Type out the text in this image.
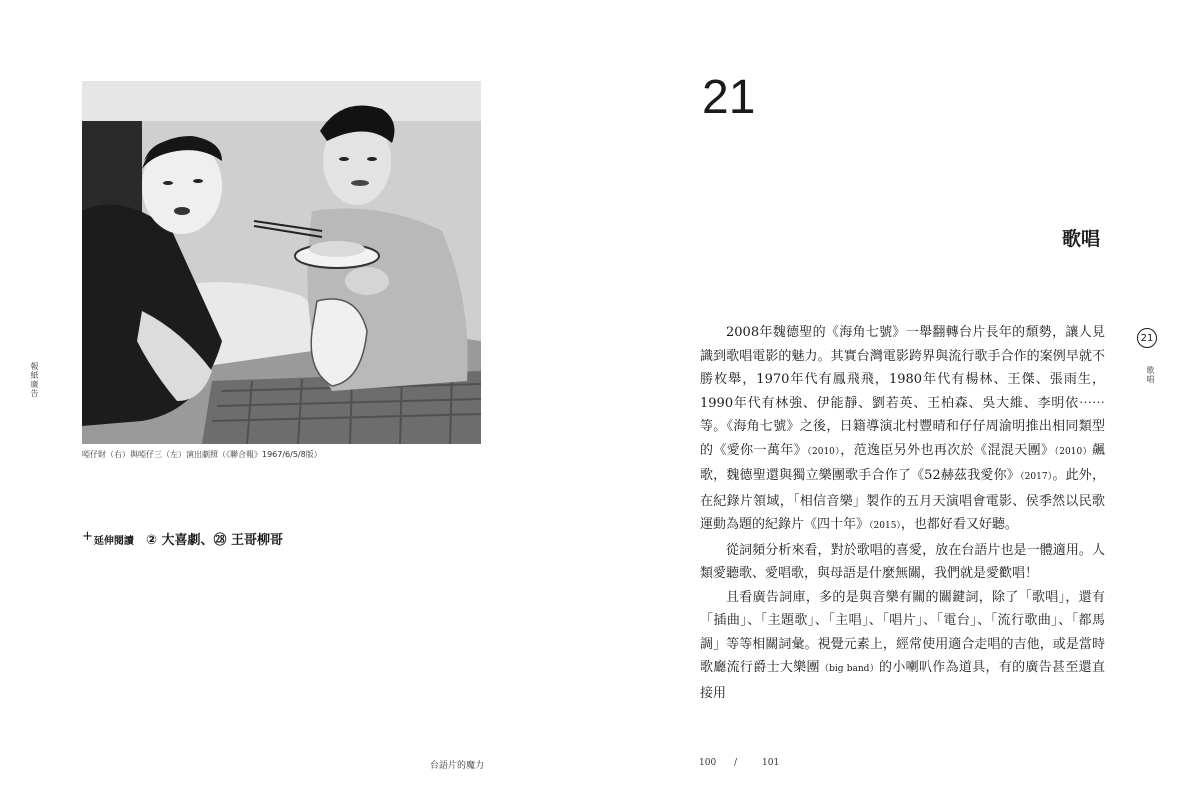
啞仔財（右）與啞仔三（左）演出劇照（《聯合報》1967/6/5/8版）
+延伸閱讀 ② 大喜劇、㉘ 王哥柳哥
報紙廣告
台語片的魔力	100 /	101
21
歌唱
21
歌唱

2008年魏德聖的《海角七號》一舉翻轉台片長年的頹勢，讓人見識到歌唱電影的魅力。其實台灣電影跨界與流行歌手合作的案例早就不勝枚舉，1970年代有鳳飛飛，1980年代有楊林、王傑、張雨生，1990年代有林強、伊能靜、劉若英、王柏森、吳大維、李明依⋯⋯等。《海角七號》之後，日籍導演北村豐晴和仔仔周渝明推出相同類型的《愛你一萬年》（2010），范逸臣另外也再次於《混混天團》（2010）飆歌，魏德聖還與獨立樂團歌手合作了《52赫茲我愛你》（2017）。此外，在紀錄片領域，「相信音樂」製作的五月天演唱會電影、侯季然以民歌運動為題的紀錄片《四十年》（2015），也都好看又好聽。

從詞頻分析來看，對於歌唱的喜愛，放在台語片也是一體適用。人類愛聽歌、愛唱歌，與母語是什麼無關，我們就是愛歡唱！

且看廣告詞庫，多的是與音樂有關的關鍵詞，除了「歌唱」，還有「插曲」、「主題歌」、「主唱」、「唱片」、「電台」、「流行歌曲」、「都馬調」等等相關詞彙。視覺元素上，經常使用適合走唱的吉他，或是當時歌廳流行爵士大樂團（big band）的小喇叭作為道具，有的廣告甚至還直接用
